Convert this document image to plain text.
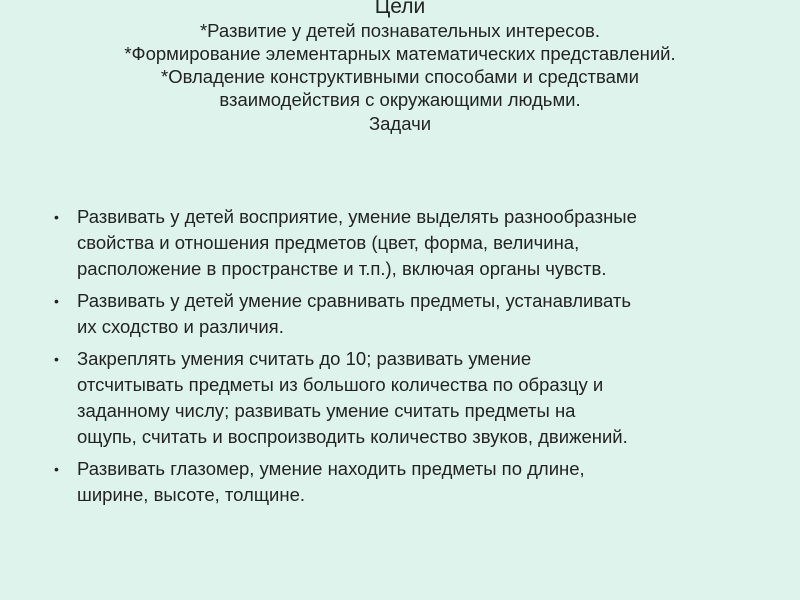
Цели
*Развитие у детей познавательных интересов.
*Формирование элементарных математических представлений.
*Овладение конструктивными способами и средствами
взаимодействия с окружающими людьми.
Задачи
• Развивать у детей восприятие, умение выделять разнообразные
свойства и отношения предметов (цвет, форма, величина,
расположение в пространстве и т.п.), включая органы чувств.
• Развивать у детей умение сравнивать предметы, устанавливать
их сходство и различия.
• Закреплять умения считать до 10; развивать умение
отсчитывать предметы из большого количества по образцу и
заданному числу; развивать умение считать предметы на
ощупь, считать и воспроизводить количество звуков, движений.
• Развивать глазомер, умение находить предметы по длине,
ширине, высоте, толщине.
